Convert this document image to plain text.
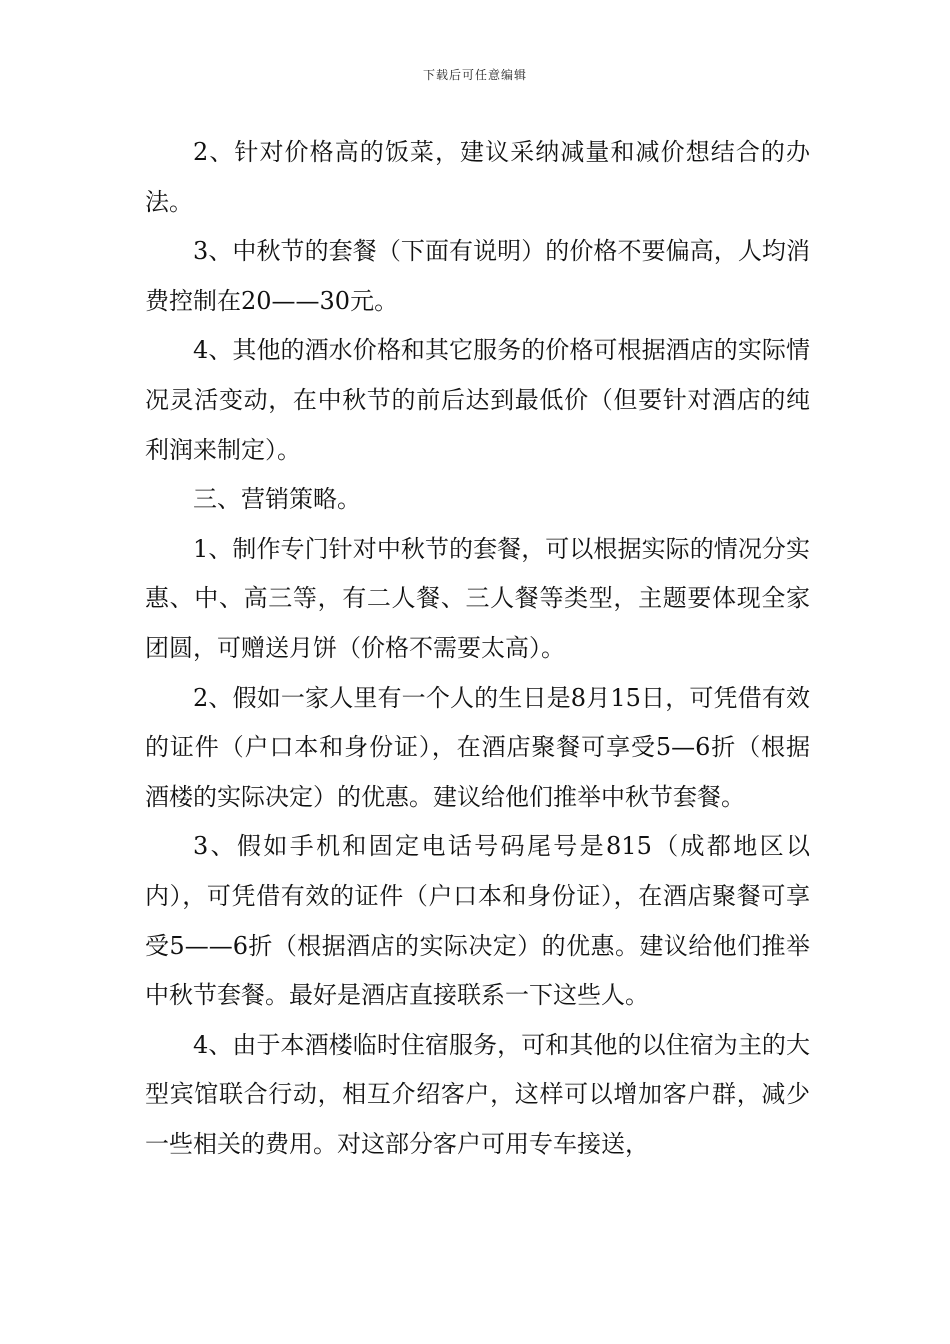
下载后可任意编辑

2、针对价格高的饭菜，建议采纳减量和减价想结合的办法。

3、中秋节的套餐（下面有说明）的价格不要偏高，人均消费控制在20——30元。

4、其他的酒水价格和其它服务的价格可根据酒店的实际情况灵活变动，在中秋节的前后达到最低价（但要针对酒店的纯利润来制定）。

三、营销策略。

1、制作专门针对中秋节的套餐，可以根据实际的情况分实惠、中、高三等，有二人餐、三人餐等类型，主题要体现全家团圆，可赠送月饼（价格不需要太高）。

2、假如一家人里有一个人的生日是8月15日，可凭借有效的证件（户口本和身份证），在酒店聚餐可享受5—6折（根据酒楼的实际决定）的优惠。建议给他们推举中秋节套餐。

3、假如手机和固定电话号码尾号是815（成都地区以内），可凭借有效的证件（户口本和身份证），在酒店聚餐可享受5——6折（根据酒店的实际决定）的优惠。建议给他们推举中秋节套餐。最好是酒店直接联系一下这些人。

4、由于本酒楼临时住宿服务，可和其他的以住宿为主的大型宾馆联合行动，相互介绍客户，这样可以增加客户群，减少一些相关的费用。对这部分客户可用专车接送，
